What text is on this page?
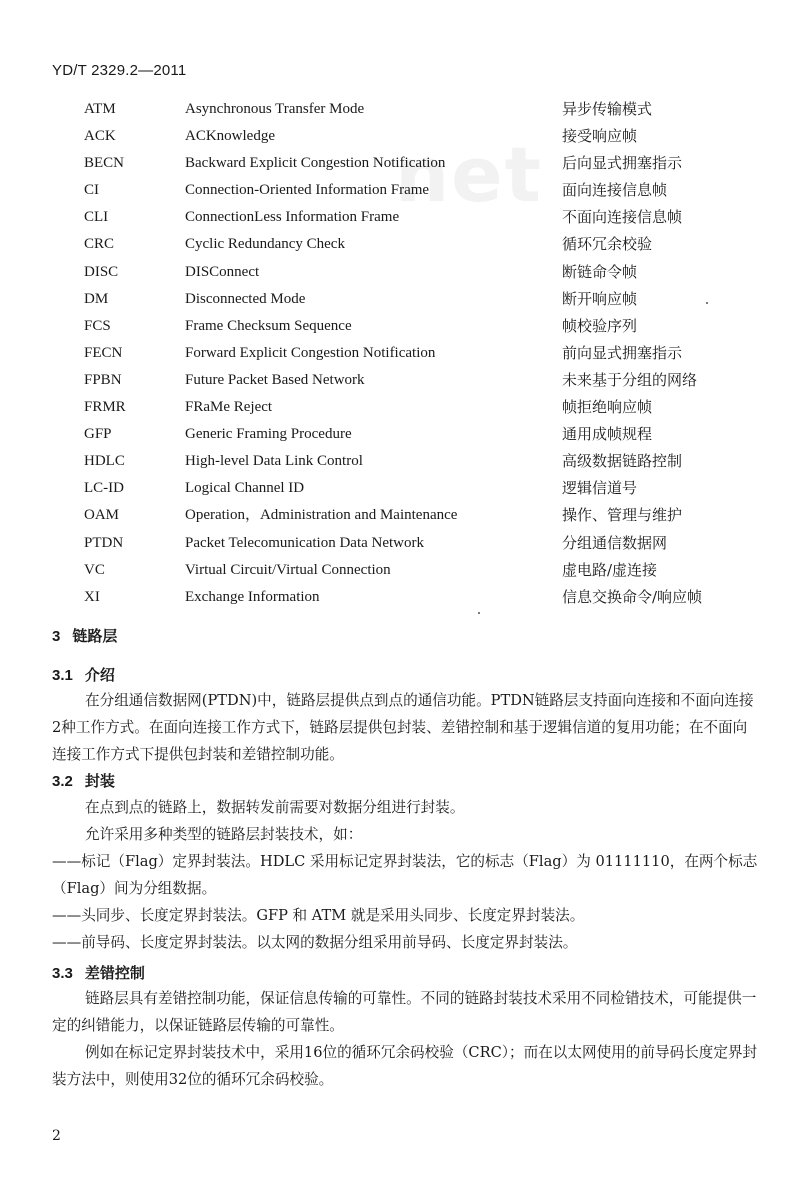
YD/T 2329.2—2011
net
ATM	Asynchronous Transfer Mode	异步传输模式
ACK	ACKnowledge	接受响应帧
BECN	Backward Explicit Congestion Notification	后向显式拥塞指示
CI	Connection-Oriented Information Frame	面向连接信息帧
CLI	ConnectionLess Information Frame	不面向连接信息帧
CRC	Cyclic Redundancy Check	循环冗余校验
DISC	DISConnect	断链命令帧
DM	Disconnected Mode	断开响应帧
FCS	Frame Checksum Sequence	帧校验序列
FECN	Forward Explicit Congestion Notification	前向显式拥塞指示
FPBN	Future Packet Based Network	未来基于分组的网络
FRMR	FRaMe Reject	帧拒绝响应帧
GFP	Generic Framing Procedure	通用成帧规程
HDLC	High-level Data Link Control	高级数据链路控制
LC-ID	Logical Channel ID	逻辑信道号
OAM	Operation，Administration and Maintenance	操作、管理与维护
PTDN	Packet Telecomunication Data Network	分组通信数据网
VC	Virtual Circuit/Virtual Connection	虚电路/虚连接
XI	Exchange Information	信息交换命令/响应帧
3 链路层
3.1 介绍
在分组通信数据网(PTDN)中，链路层提供点到点的通信功能。PTDN链路层支持面向连接和不面向连接2种工作方式。在面向连接工作方式下，链路层提供包封装、差错控制和基于逻辑信道的复用功能；在不面向连接工作方式下提供包封装和差错控制功能。
3.2 封装
在点到点的链路上，数据转发前需要对数据分组进行封装。
允许采用多种类型的链路层封装技术，如：
——标记（Flag）定界封装法。HDLC 采用标记定界封装法，它的标志（Flag）为 01111110，在两个标志（Flag）间为分组数据。
——头同步、长度定界封装法。GFP 和 ATM 就是采用头同步、长度定界封装法。
——前导码、长度定界封装法。以太网的数据分组采用前导码、长度定界封装法。
3.3 差错控制
链路层具有差错控制功能，保证信息传输的可靠性。不同的链路封装技术采用不同检错技术，可能提供一定的纠错能力，以保证链路层传输的可靠性。
例如在标记定界封装技术中，采用16位的循环冗余码校验（CRC）；而在以太网使用的前导码长度定界封装方法中，则使用32位的循环冗余码校验。
2
